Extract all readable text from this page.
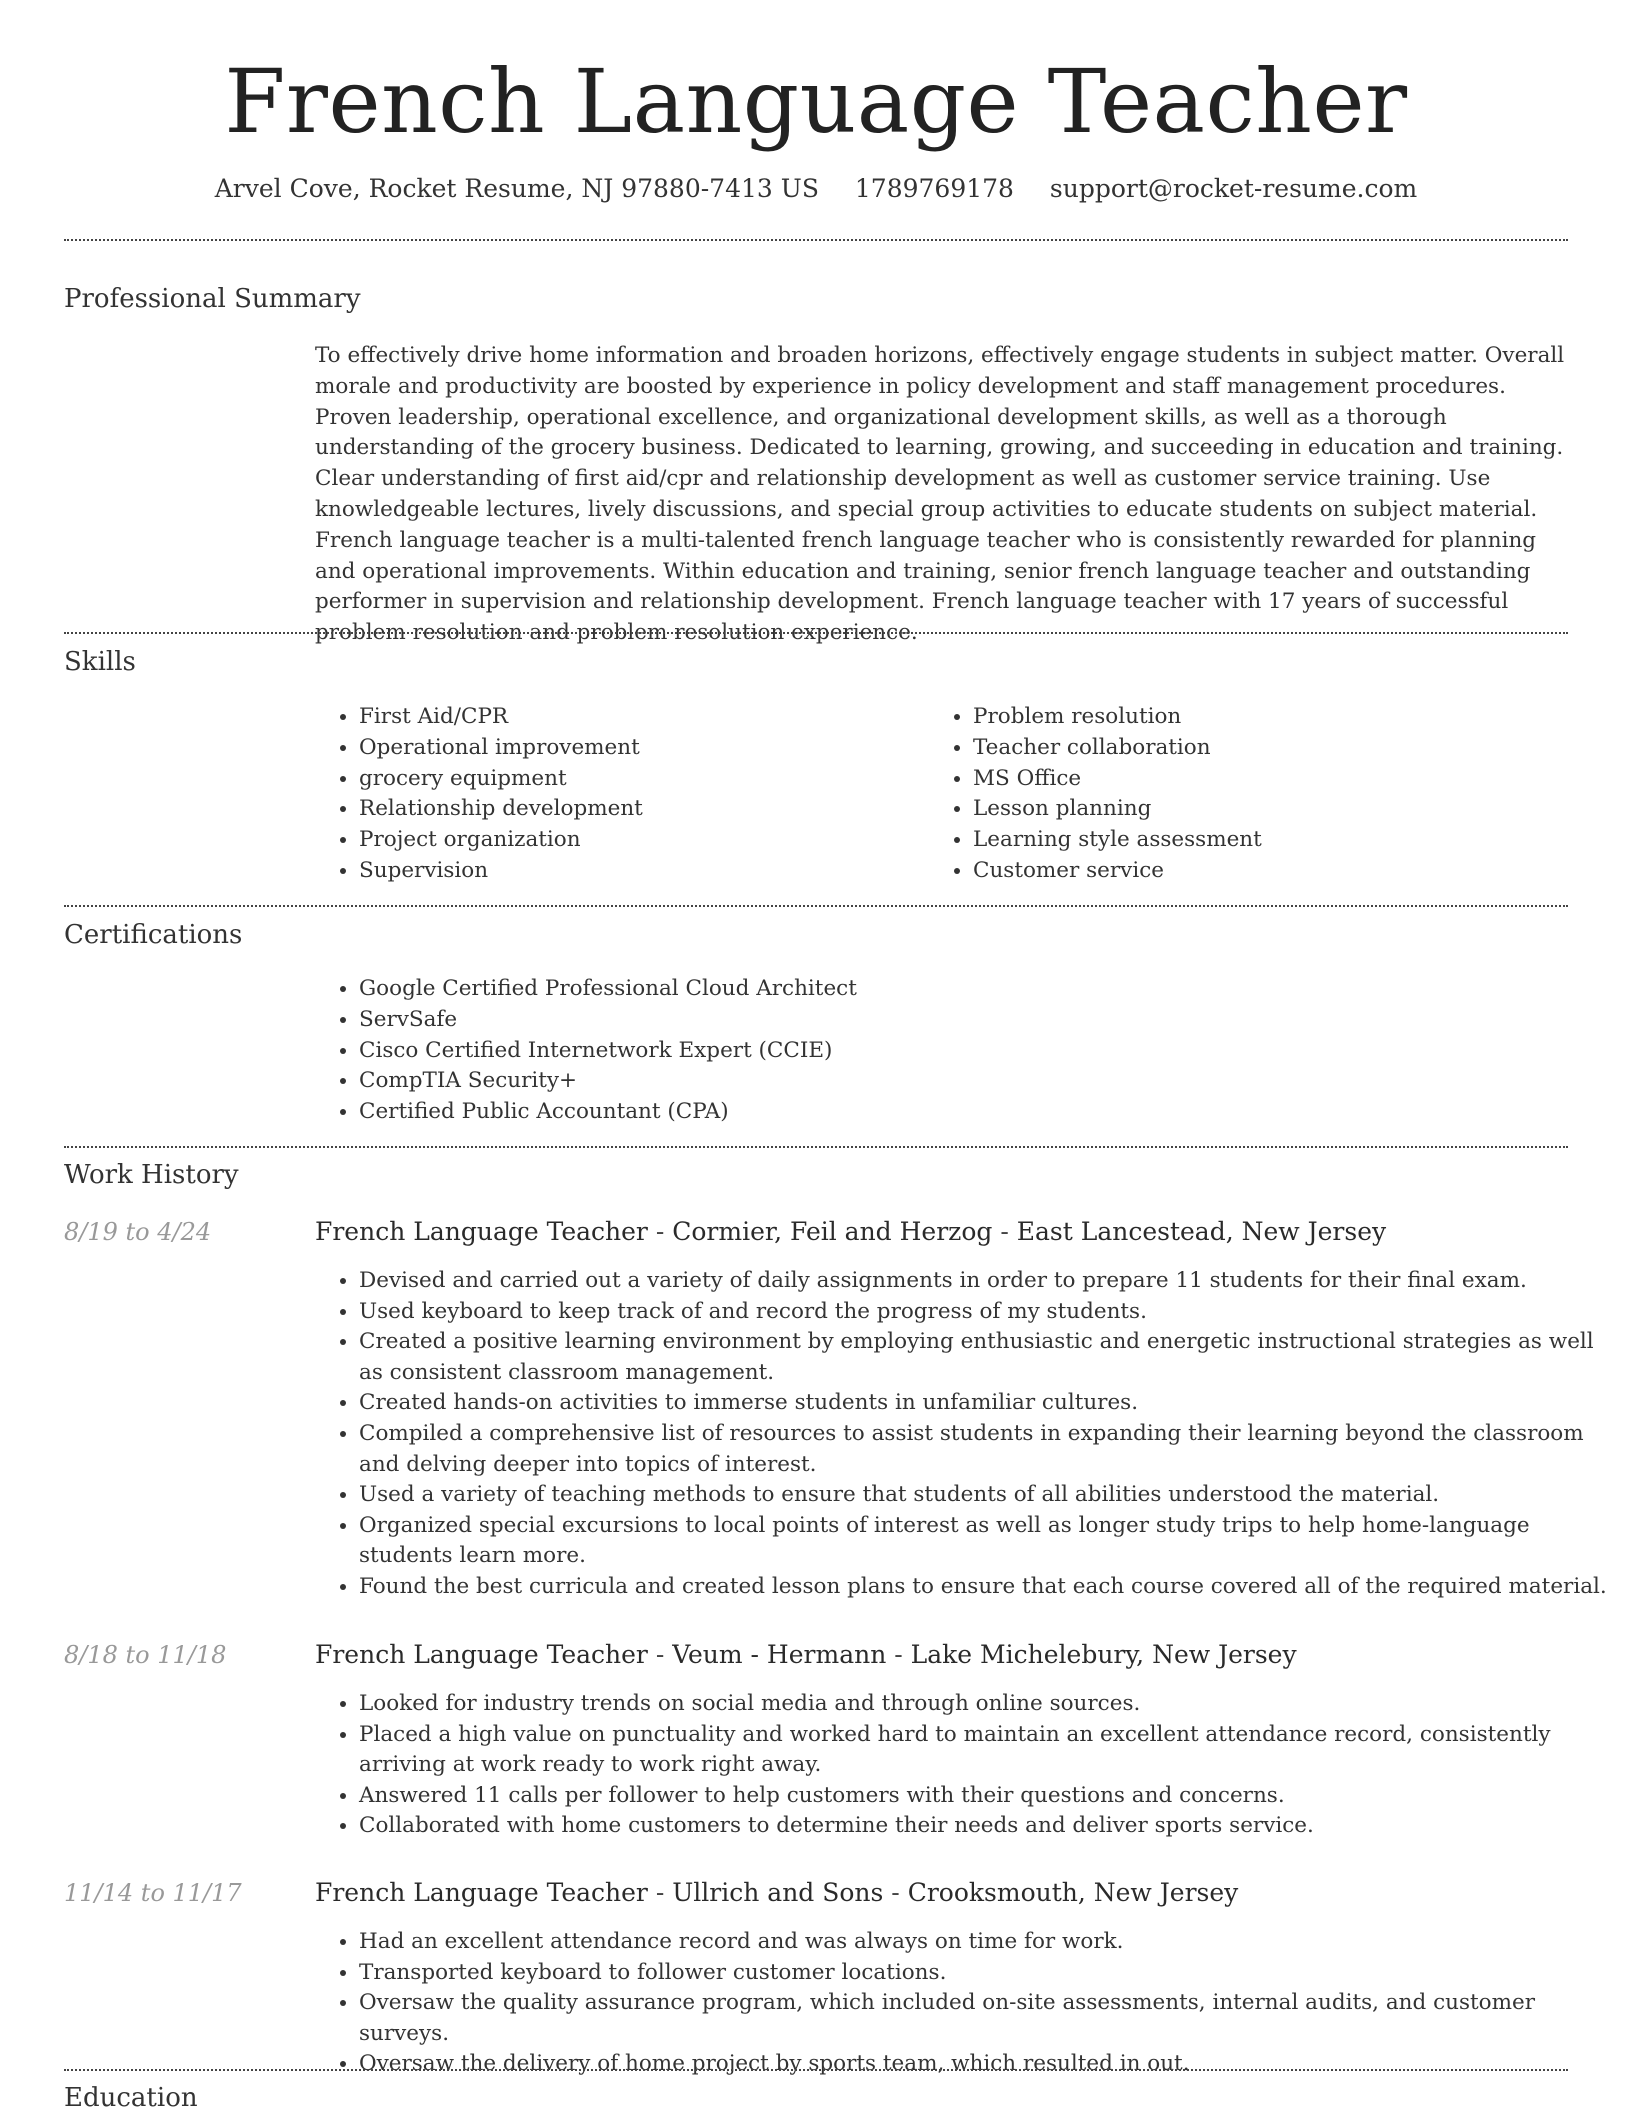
French Language Teacher
Arvel Cove, Rocket Resume, NJ 97880-7413 US 1789769178 support@rocket-resume.com
Professional Summary

To effectively drive home information and broaden horizons, effectively engage students in subject matter. Overall morale and productivity are boosted by experience in policy development and staff management procedures. Proven leadership, operational excellence, and organizational development skills, as well as a thorough understanding of the grocery business. Dedicated to learning, growing, and succeeding in education and training. Clear understanding of first aid/cpr and relationship development as well as customer service training. Use knowledgeable lectures, lively discussions, and special group activities to educate students on subject material. French language teacher is a multi-talented french language teacher who is consistently rewarded for planning and operational improvements. Within education and training, senior french language teacher and outstanding performer in supervision and relationship development. French language teacher with 17 years of successful problem resolution and problem resolution experience.

Skills
• First Aid/CPR
• Operational improvement
• grocery equipment
• Relationship development
• Project organization
• Supervision
• Problem resolution
• Teacher collaboration
• MS Office
• Lesson planning
• Learning style assessment
• Customer service
Certifications
• Google Certified Professional Cloud Architect
• ServSafe
• Cisco Certified Internetwork Expert (CCIE)
• CompTIA Security+
• Certified Public Accountant (CPA)
Work History
8/19 to 4/24	French Language Teacher - Cormier, Feil and Herzog - East Lancestead, New Jersey
• Devised and carried out a variety of daily assignments in order to prepare 11 students for their final exam.
• Used keyboard to keep track of and record the progress of my students.
• Created a positive learning environment by employing enthusiastic and energetic instructional strategies as well as consistent classroom management.
• Created hands-on activities to immerse students in unfamiliar cultures.
• Compiled a comprehensive list of resources to assist students in expanding their learning beyond the classroom and delving deeper into topics of interest.
• Used a variety of teaching methods to ensure that students of all abilities understood the material.
• Organized special excursions to local points of interest as well as longer study trips to help home-language students learn more.
• Found the best curricula and created lesson plans to ensure that each course covered all of the required material.
8/18 to 11/18	French Language Teacher - Veum - Hermann - Lake Michelebury, New Jersey
• Looked for industry trends on social media and through online sources.
• Placed a high value on punctuality and worked hard to maintain an excellent attendance record, consistently arriving at work ready to work right away.
• Answered 11 calls per follower to help customers with their questions and concerns.
• Collaborated with home customers to determine their needs and deliver sports service.
11/14 to 11/17	French Language Teacher - Ullrich and Sons - Crooksmouth, New Jersey
• Had an excellent attendance record and was always on time for work.
• Transported keyboard to follower customer locations.
• Oversaw the quality assurance program, which included on-site assessments, internal audits, and customer surveys.
• Oversaw the delivery of home project by sports team, which resulted in out.
Education
